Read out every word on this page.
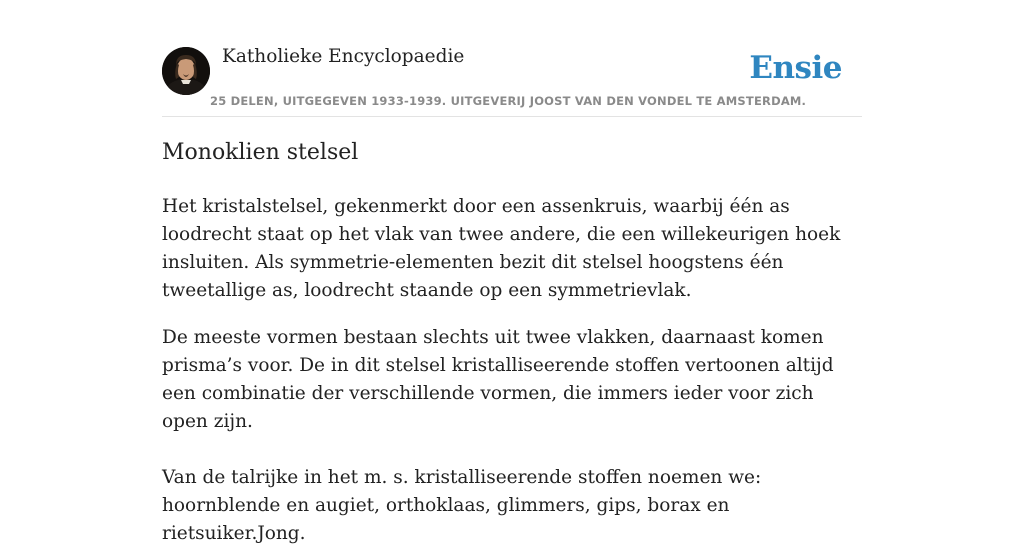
Katholieke Encyclopaedie	Ensie
25 DELEN, UITGEGEVEN 1933-1939. UITGEVERIJ JOOST VAN DEN VONDEL TE AMSTERDAM.
Monoklien stelsel

Het kristalstelsel, gekenmerkt door een assenkruis, waarbij één as loodrecht staat op het vlak van twee andere, die een willekeurigen hoek insluiten. Als symmetrie-elementen bezit dit stelsel hoogstens één tweetallige as, loodrecht staande op een symmetrievlak.

De meeste vormen bestaan slechts uit twee vlakken, daarnaast komen prisma’s voor. De in dit stelsel kristalliseerende stoffen vertoonen altijd een combinatie der verschillende vormen, die immers ieder voor zich open zijn.

Van de talrijke in het m. s. kristalliseerende stoffen noemen we: hoornblende en augiet, orthoklaas, glimmers, gips, borax en rietsuiker.Jong.
